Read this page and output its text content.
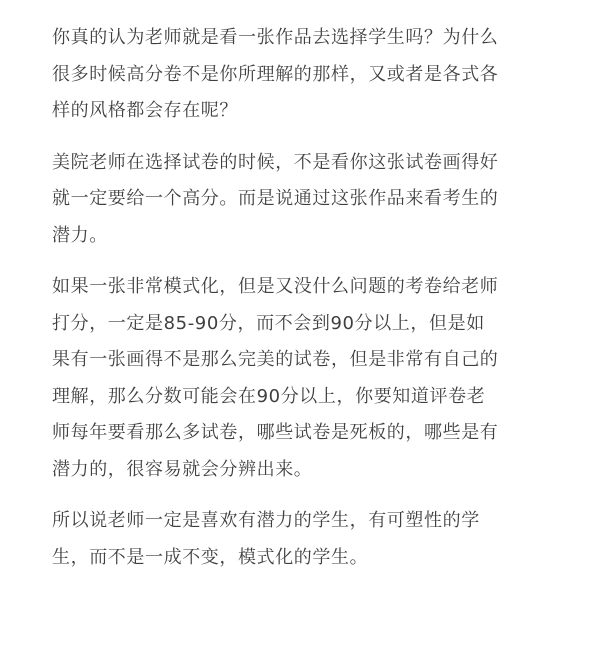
你真的认为老师就是看一张作品去选择学生吗？为什么
很多时候高分卷不是你所理解的那样，又或者是各式各
样的风格都会存在呢？

美院老师在选择试卷的时候，不是看你这张试卷画得好
就一定要给一个高分。而是说通过这张作品来看考生的
潜力。

如果一张非常模式化，但是又没什么问题的考卷给老师
打分，一定是85-90分，而不会到90分以上，但是如
果有一张画得不是那么完美的试卷，但是非常有自己的
理解，那么分数可能会在90分以上，你要知道评卷老
师每年要看那么多试卷，哪些试卷是死板的，哪些是有
潜力的，很容易就会分辨出来。

所以说老师一定是喜欢有潜力的学生，有可塑性的学
生，而不是一成不变，模式化的学生。
